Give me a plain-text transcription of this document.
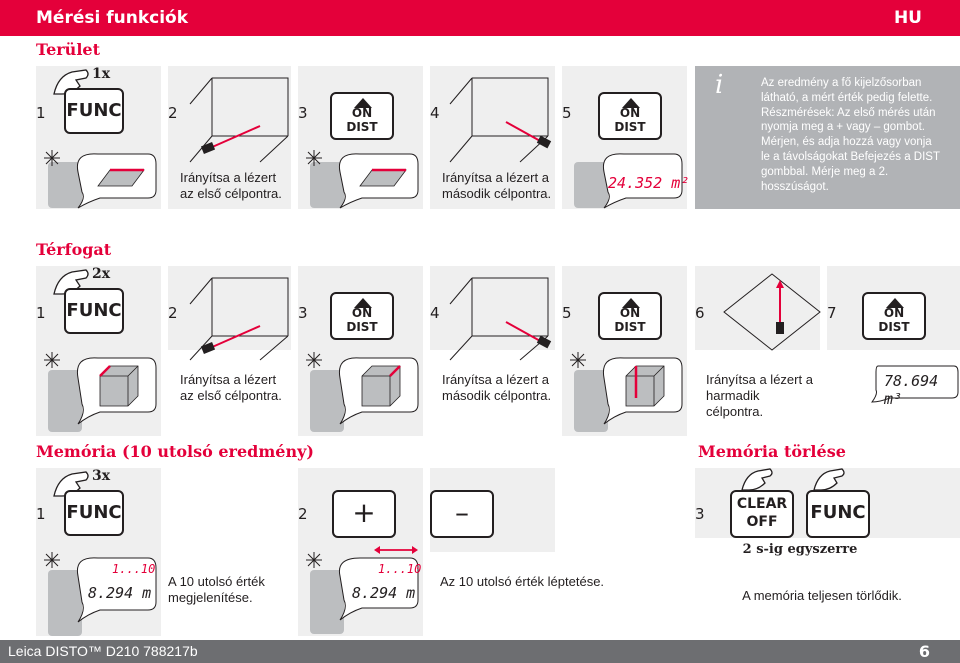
Mérési funkciók	HU
Terület
i	Az eredmény a fő kijelzősorban látható, a mért érték pedig felette. Részmérések: Az első mérés után nyomja meg a + vagy – gombot. Mérjen, és adja hozzá vagy vonja le a távolságokat Befejezés a DIST gombbal. Mérje meg a 2. hosszúságot.
1	2	3	4	5
1x
FUNC
Irányítsa a lézert az első célpontra.
ON
DIST
Irányítsa a lézert a második célpontra.
ON
DIST
24.352 m²
Térfogat
1	2	3	4	5	6	7
2x
FUNC
Irányítsa a lézert az első célpontra.
ON
DIST
Irányítsa a lézert a második célpontra.
ON
DIST
Irányítsa a lézert a harmadik célpontra.
ON
DIST
78.694 m³
Memória (10 utolsó eredmény)	Memória törlése
1	2	3
3x
FUNC
1...10
8.294 m
A 10 utolsó érték megjelenítése.
+	–
1...10
8.294 m
Az 10 utolsó érték léptetése.
CLEAR
OFF	FUNC
2 s-ig egyszerre
A memória teljesen törlődik.
Leica DISTO™ D210 788217b	6
